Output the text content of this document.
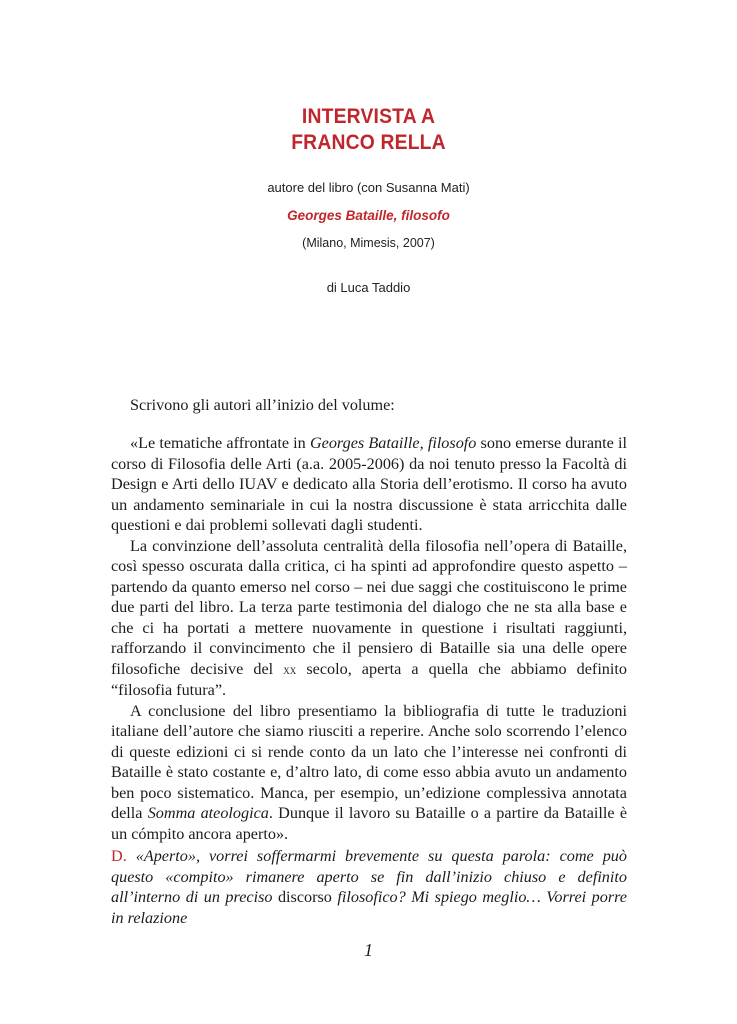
INTERVISTA A
FRANCO RELLA
autore del libro (con Susanna Mati)
Georges Bataille, filosofo
(Milano, Mimesis, 2007)
di Luca Taddio
Scrivono gli autori all’inizio del volume:

«Le tematiche affrontate in Georges Bataille, filosofo sono emerse durante il corso di Filosofia delle Arti (a.a. 2005-2006) da noi tenuto presso la Facoltà di Design e Arti dello IUAV e dedicato alla Storia dell’erotismo. Il corso ha avuto un andamento seminariale in cui la nostra discussione è stata arricchita dalle questioni e dai problemi sollevati dagli studenti.

La convinzione dell’assoluta centralità della filosofia nell’opera di Bataille, così spesso oscurata dalla critica, ci ha spinti ad approfondire questo aspetto – partendo da quanto emerso nel corso – nei due saggi che costituiscono le prime due parti del libro. La terza parte testimonia del dialogo che ne sta alla base e che ci ha portati a mettere nuovamente in questione i risultati raggiunti, rafforzando il convincimento che il pensiero di Bataille sia una delle opere filosofiche decisive del xx secolo, aperta a quella che abbiamo definito “filosofia futura”.

A conclusione del libro presentiamo la bibliografia di tutte le traduzioni italiane dell’autore che siamo riusciti a reperire. Anche solo scorrendo l’elenco di queste edizioni ci si rende conto da un lato che l’interesse nei confronti di Bataille è stato costante e, d’altro lato, di come esso abbia avuto un andamento ben poco sistematico. Manca, per esempio, un’edizione complessiva annotata della Somma ateologica. Dunque il lavoro su Bataille o a partire da Bataille è un cómpito ancora aperto».

D. «Aperto», vorrei soffermarmi brevemente su questa parola: come può questo «compito» rimanere aperto se fin dall’inizio chiuso e definito all’interno di un preciso discorso filosofico? Mi spiego meglio… Vorrei porre in relazione
1
